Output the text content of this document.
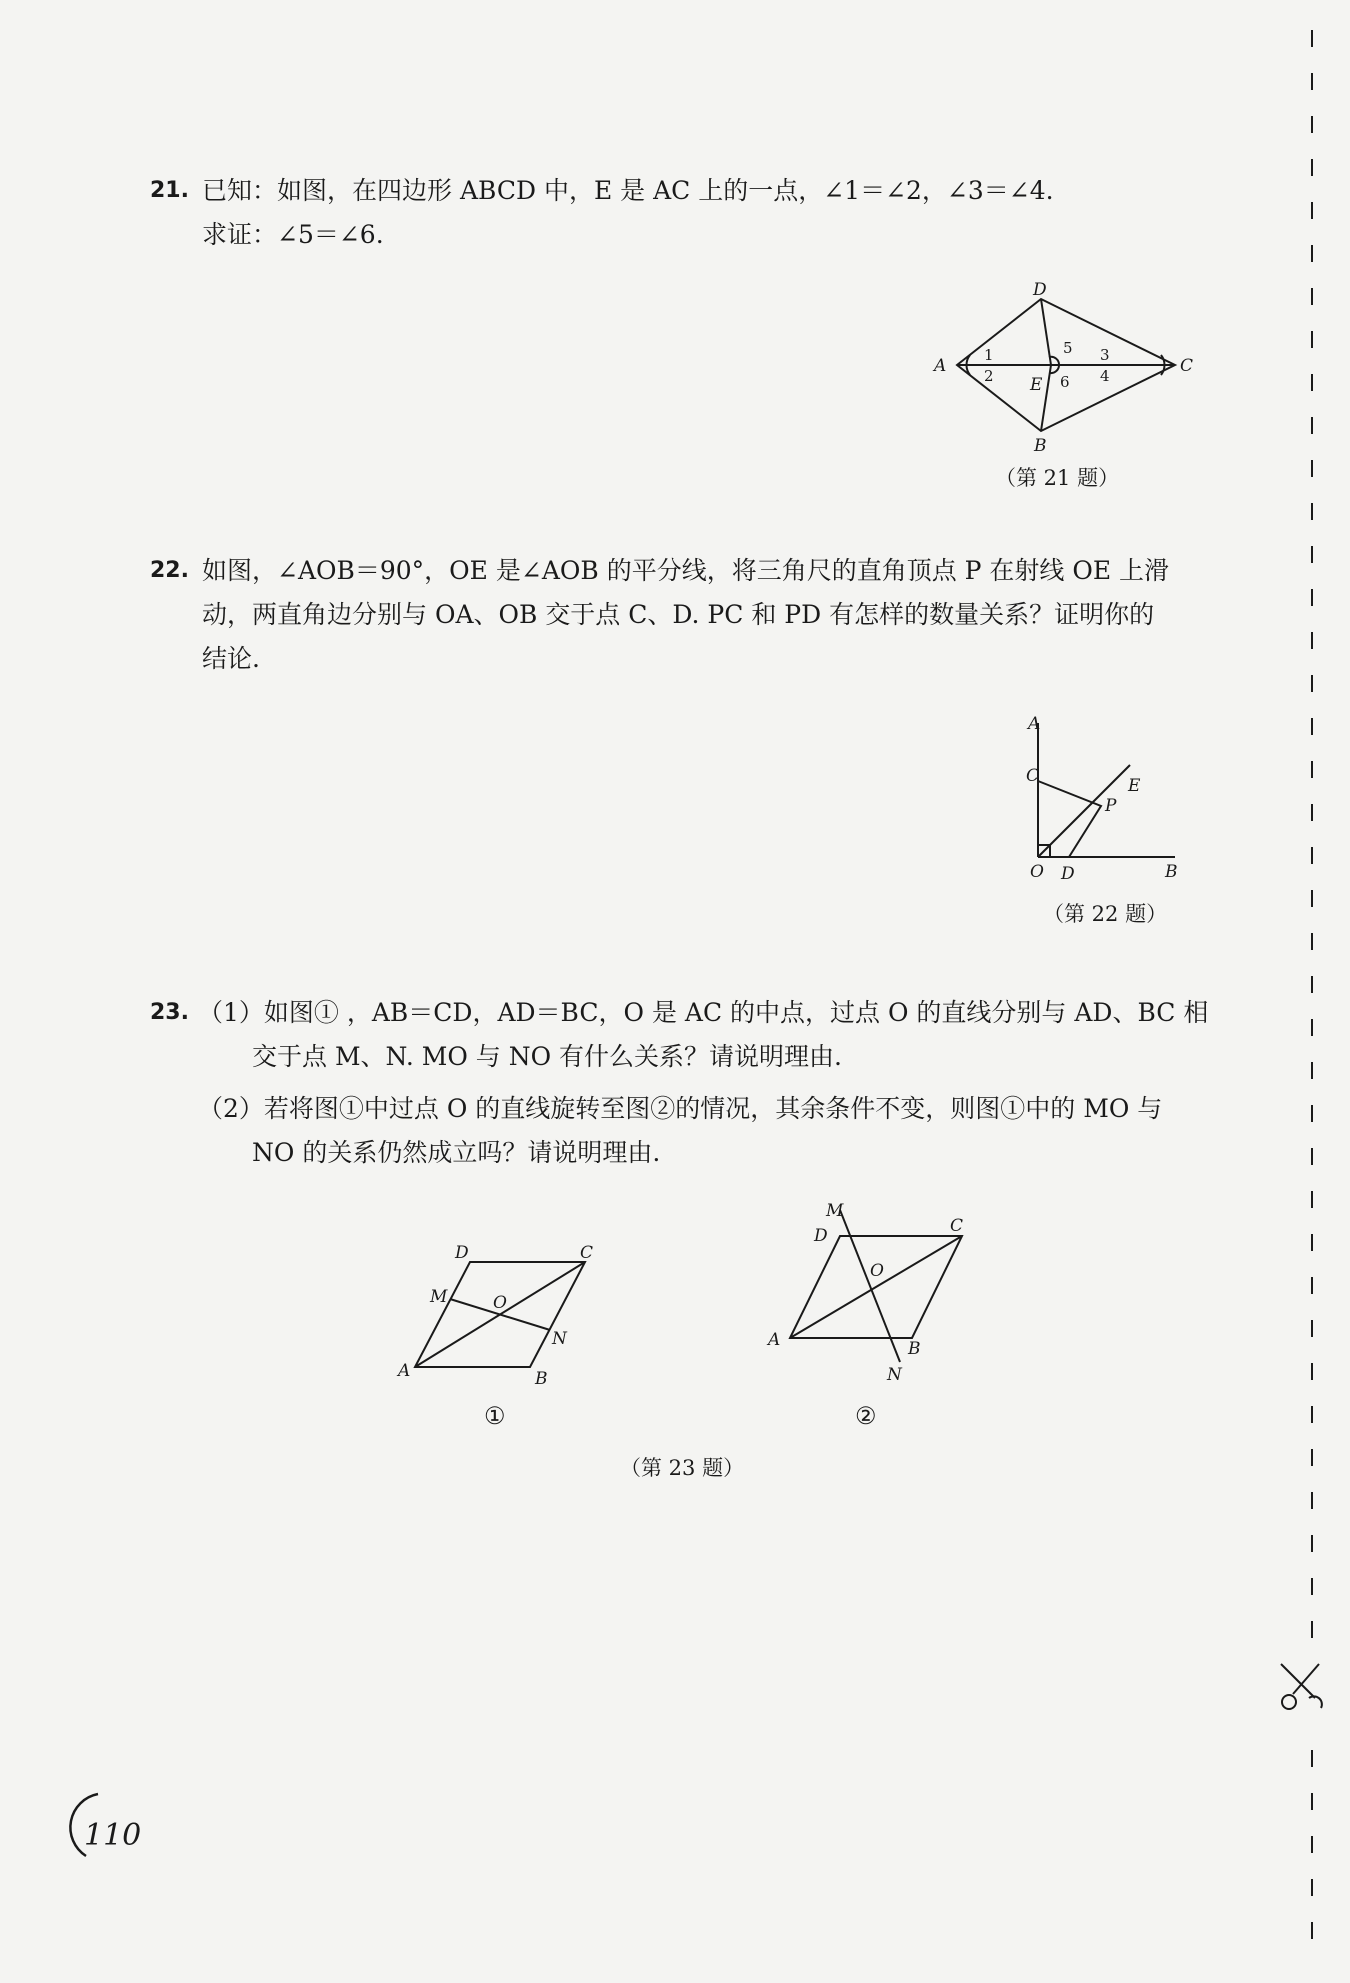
21. 已知：如图，在四边形 ABCD 中，E 是 AC 上的一点，∠1＝∠2，∠3＝∠4.
求证：∠5＝∠6.
D
A	C
B
E
1
2
3
4
5
6
（第 21 题）
22. 如图，∠AOB＝90°，OE 是∠AOB 的平分线，将三角尺的直角顶点 P 在射线 OE 上滑
动，两直角边分别与 OA、OB 交于点 C、D. PC 和 PD 有怎样的数量关系？证明你的
结论.
A
C	E
P
O D	B
（第 22 题）
23. （1）如图① ，AB＝CD，AD＝BC，O 是 AC 的中点，过点 O 的直线分别与 AD、BC 相
交于点 M、N. MO 与 NO 有什么关系？请说明理由.
（2）若将图①中过点 O 的直线旋转至图②的情况，其余条件不变，则图①中的 MO 与
NO 的关系仍然成立吗？请说明理由.
D	C
M	O
N
A	B
①
M
D	C
O
A	B
N
②
（第 23 题）
110
